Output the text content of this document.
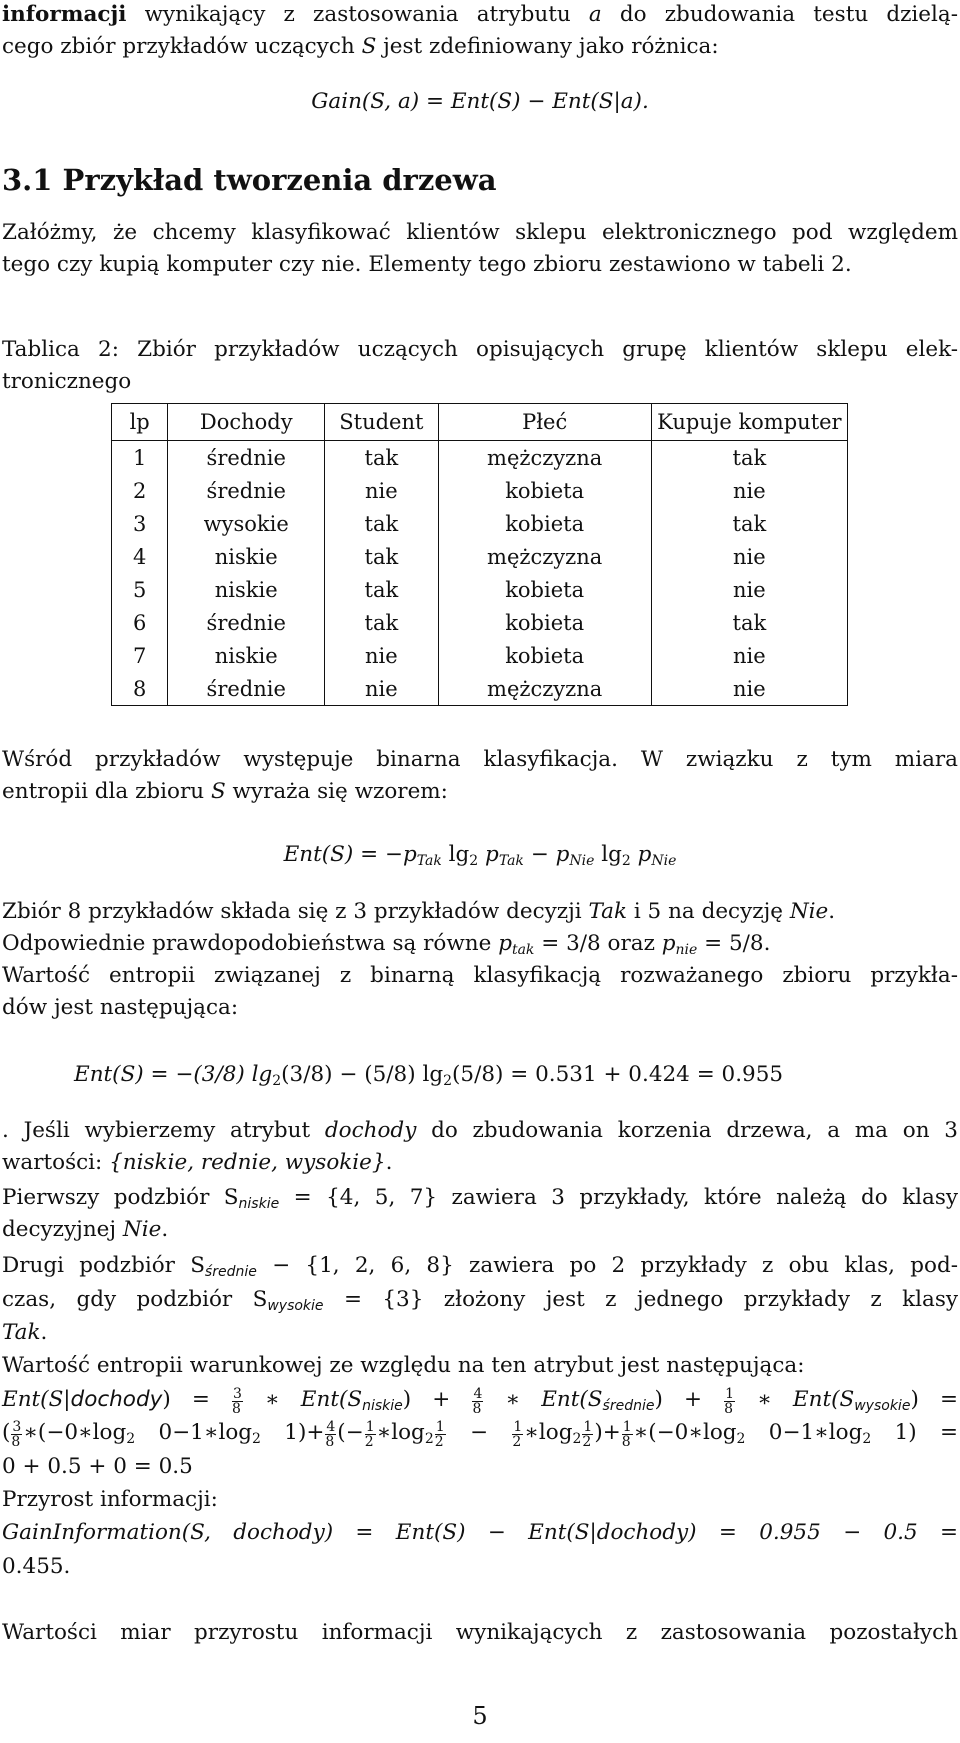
informacji wynikający z zastosowania atrybutu a do zbudowania testu dzielą-
cego zbiór przykładów uczących S jest zdefiniowany jako różnica:
Gain(S, a) = Ent(S) − Ent(S|a).
3.1 Przykład tworzenia drzewa
Załóżmy, że chcemy klasyfikować klientów sklepu elektronicznego pod względem
tego czy kupią komputer czy nie. Elementy tego zbioru zestawiono w tabeli 2.
Tablica 2: Zbiór przykładów uczących opisujących grupę klientów sklepu elek-
tronicznego
lp	Dochody	Student	Płeć	Kupuje komputer
1	średnie	tak	mężczyzna	tak
2	średnie	nie	kobieta	nie
3	wysokie	tak	kobieta	tak
4	niskie	tak	mężczyzna	nie
5	niskie	tak	kobieta	nie
6	średnie	tak	kobieta	tak
7	niskie	nie	kobieta	nie
8	średnie	nie	mężczyzna	nie
Wśród przykładów występuje binarna klasyfikacja. W związku z tym miara
entropii dla zbioru S wyraża się wzorem:
$Ent(S) = -p_{Tak}$ $\lg_2 p_{Tak} - p_{Nie}$ $\lg_2 p_{Nie}$
Zbiór 8 przykładów składa się z 3 przykładów decyzji Tak i 5 na decyzję Nie.
Odpowiednie prawdopodobieństwa są równe $p_{tak} = 3/8$ oraz $p_{nie} = 5/8$.
Wartość entropii związanej z binarną klasyfikacją rozważanego zbioru przykła-
dów jest następująca:
Ent(S) = −(3/8) $\lg_2(3/8) - (5/8) \lg_2(5/8) = 0.531 + 0.424 = 0.955$
. Jeśli wybierzemy atrybut dochody do zbudowania korzenia drzewa, a ma on 3
wartości: {niskie, rednie, wysokie}.
Pierwszy podzbiór $S_{niskie} = \{4$, 5, 7} zawiera 3 przykłady, które należą do klasy
decyzyjnej Nie.
Drugi podzbiór $S_{średnie} - \{1$, 2, 6, 8} zawiera po 2 przykłady z obu klas, pod-
czas, gdy podzbiór $S_{wysokie} = \{3\}$ złożony jest z jednego przykłady z klasy
Tak.
Wartość entropii warunkowej ze względu na ten atrybut jest następująca:
Ent(S|dochody) = $\frac{3}{8}$ ∗ $Ent(S_{niskie}) + \frac{4}{8}$ ∗ $Ent(S_{średnie}) + \frac{1}{8}$ ∗ $Ent(S_{wysokie})$ =
( $\frac{3}{8}$ $∗(-0∗\log_2$ $0-1∗\log_2$ $1)+ \frac{4}{8}$ (− $\frac{1}{2}$ $∗\log_2 \frac{1}{2} - \frac{1}{2}$ $∗\log_2 \frac{1}{2}$ )+ $\frac{1}{8}$ $∗(-0∗\log_2$ $0-1∗\log_2$ 1) =
0 + 0.5 + 0 = 0.5
Przyrost informacji:
GainInformation(S, dochody) = Ent(S) − Ent(S|dochody) = 0.955 − 0.5 =
0.455.
Wartości miar przyrostu informacji wynikających z zastosowania pozostałych
5
